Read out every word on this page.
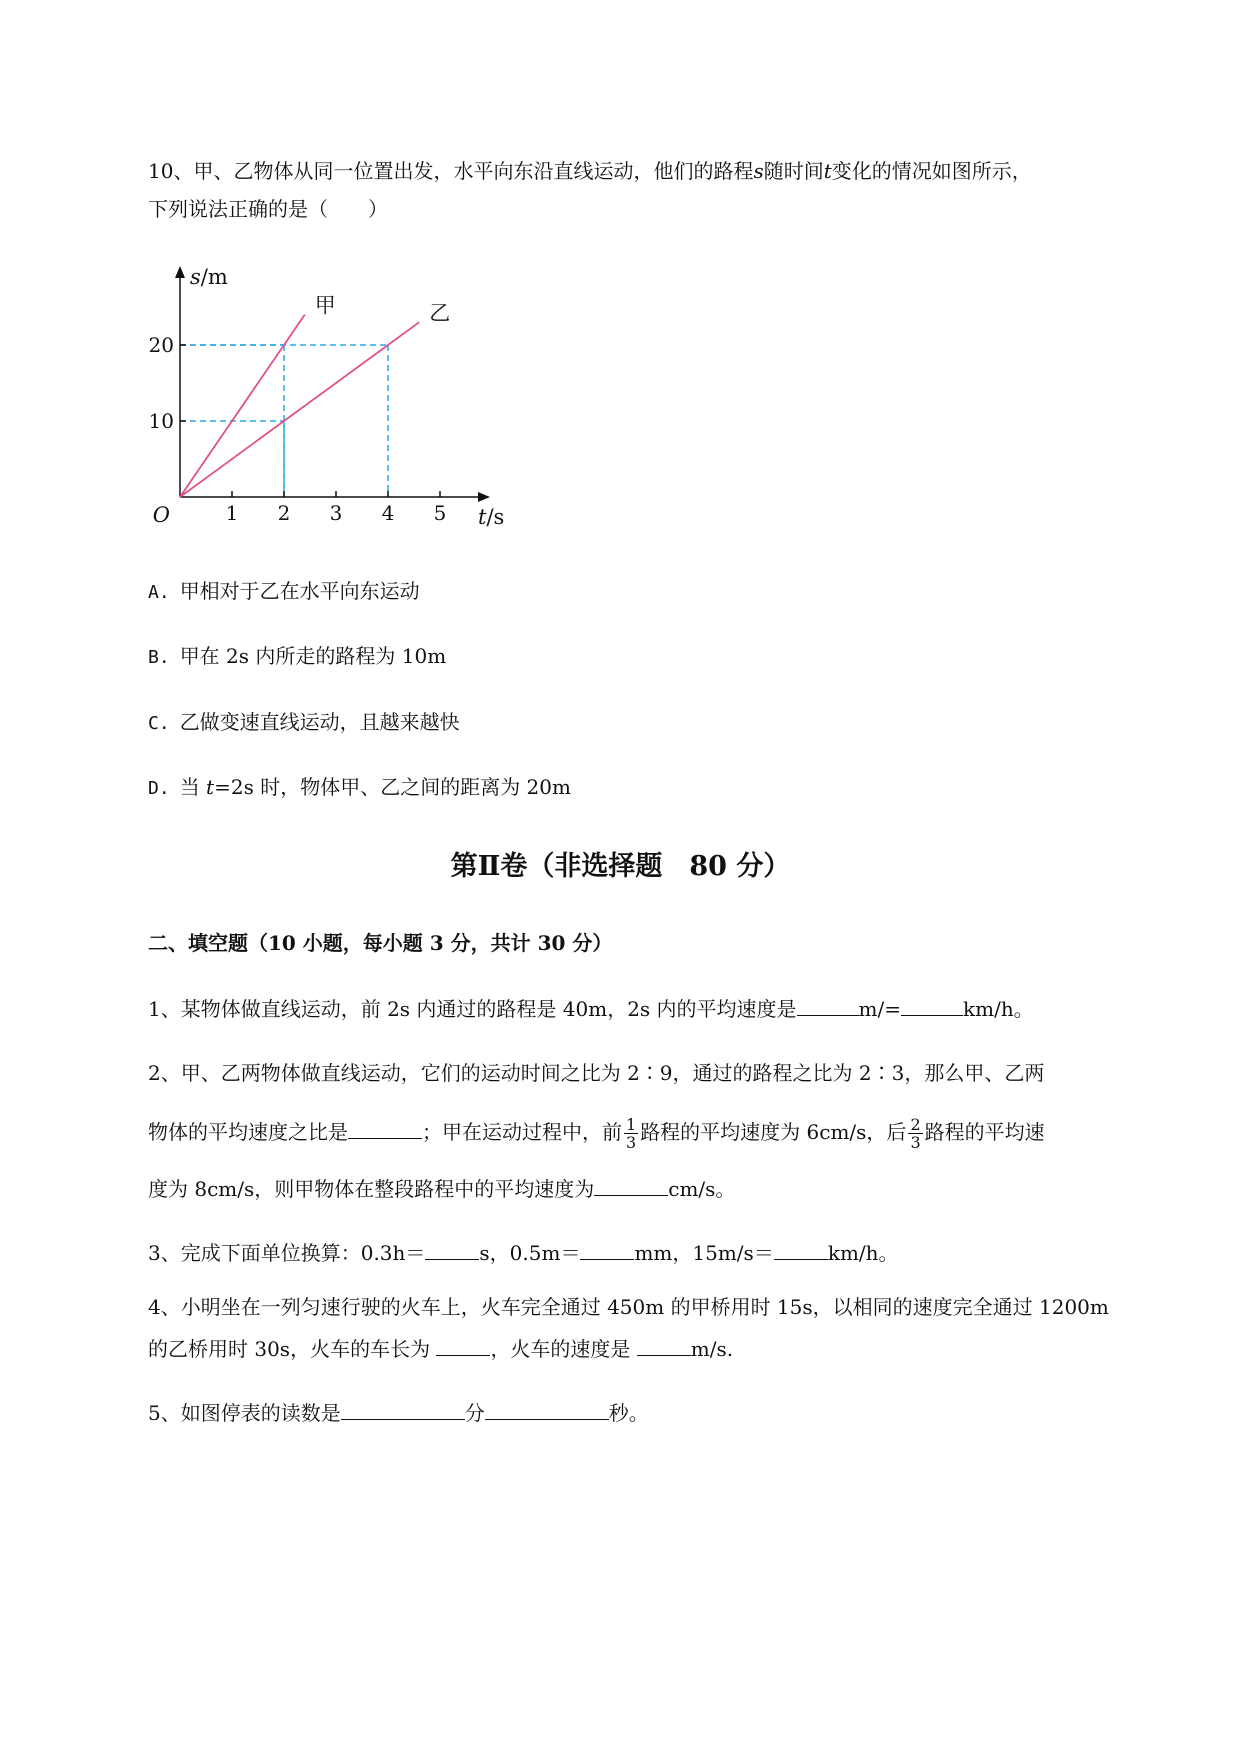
10、甲、乙物体从同一位置出发，水平向东沿直线运动，他们的路程s随时间t变化的情况如图所示，
下列说法正确的是（　　）
1 2 3 4 5
10
20
O
s/m
t/s
甲	乙
A. 甲相对于乙在水平向东运动
B. 甲在 2s 内所走的路程为 10m
C. 乙做变速直线运动，且越来越快
D. 当 t=2s 时，物体甲、乙之间的距离为 20m
第Ⅱ卷（非选择题　80 分）
二、填空题（10 小题，每小题 3 分，共计 30 分）
1、某物体做直线运动，前 2s 内通过的路程是 40m，2s 内的平均速度是	m/=	km/h。
2、甲、乙两物体做直线运动，它们的运动时间之比为 2∶9，通过的路程之比为 2∶3，那么甲、乙两
物体的平均速度之比是	；甲在运动过程中，前 $\frac{1}{3}$ 路程的平均速度为 6cm/s，后 $\frac{2}{3}$ 路程的平均速
度为 8cm/s，则甲物体在整段路程中的平均速度为	cm/s。
3、完成下面单位换算：0.3h＝	s，0.5m＝	mm，15m/s＝	km/h。
4、小明坐在一列匀速行驶的火车上，火车完全通过 450m 的甲桥用时 15s，以相同的速度完全通过 1200m
的乙桥用时 30s，火车的车长为	，火车的速度是	m/s.
5、如图停表的读数是	分	秒。
